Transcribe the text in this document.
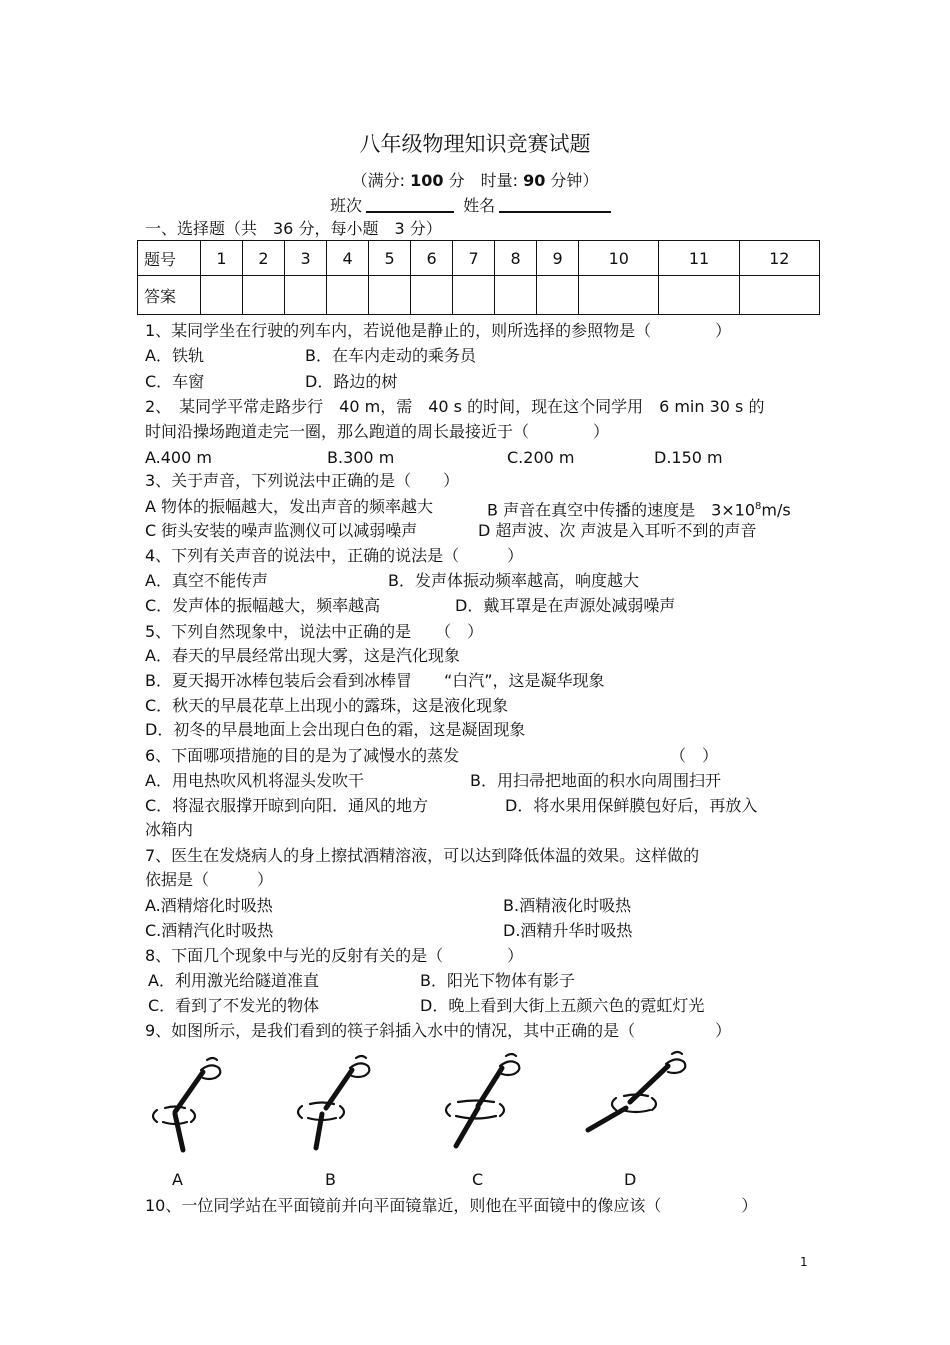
八年级物理知识竞赛试题
（满分: 100 分　时量: 90 分钟）
班次	姓名
一、选择题（共　36 分，每小题　3 分）
题号	1	2	3	4	5	6	7	8	9	10	11	12
答案												
1、某同学坐在行驶的列车内，若说他是静止的，则所选择的参照物是（　　　　）
A．铁轨	B．在车内走动的乘务员
C．车窗	D．路边的树
2、　某同学平常走路步行　40 m，需　40 s 的时间，现在这个同学用　6 min 30 s 的
时间沿操场跑道走完一圈，那么跑道的周长最接近于（　　　　）
A.400 m	B.300 m	C.200 m	D.150 m
3、关于声音，下列说法中正确的是（　　）
A 物体的振幅越大，发出声音的频率越大	B 声音在真空中传播的速度是　$3\times 10^8m/s$
C 街头安装的噪声监测仪可以减弱噪声	D 超声波、次 声波是入耳听不到的声音
4、下列有关声音的说法中，正确的说法是（　　　）
A．真空不能传声	B．发声体振动频率越高，响度越大
C．发声体的振幅越大，频率越高	D．戴耳罩是在声源处减弱噪声
5、下列自然现象中，说法中正确的是　　（　）
A．春天的早晨经常出现大雾，这是汽化现象
B．夏天揭开冰棒包装后会看到冰棒冒　　“白汽”，这是凝华现象
C．秋天的早晨花草上出现小的露珠，这是液化现象
D．初冬的早晨地面上会出现白色的霜，这是凝固现象
6、下面哪项措施的目的是为了减慢水的蒸发	（　）
A．用电热吹风机将湿头发吹干	B．用扫帚把地面的积水向周围扫开
C．将湿衣服撑开晾到向阳．通风的地方	D．将水果用保鲜膜包好后，再放入
冰箱内
7、医生在发烧病人的身上擦拭酒精溶液，可以达到降低体温的效果。这样做的
依据是（　　　）
A.酒精熔化时吸热	B.酒精液化时吸热
C.酒精汽化时吸热	D.酒精升华时吸热
8、下面几个现象中与光的反射有关的是（　　　　）
A．利用激光给隧道准直	B．阳光下物体有影子
C．看到了不发光的物体	D．晚上看到大街上五颜六色的霓虹灯光
9、如图所示，是我们看到的筷子斜插入水中的情况，其中正确的是（　　　　　）
A	B	C	D
10、一位同学站在平面镜前并向平面镜靠近，则他在平面镜中的像应该（　　　　　）
1
